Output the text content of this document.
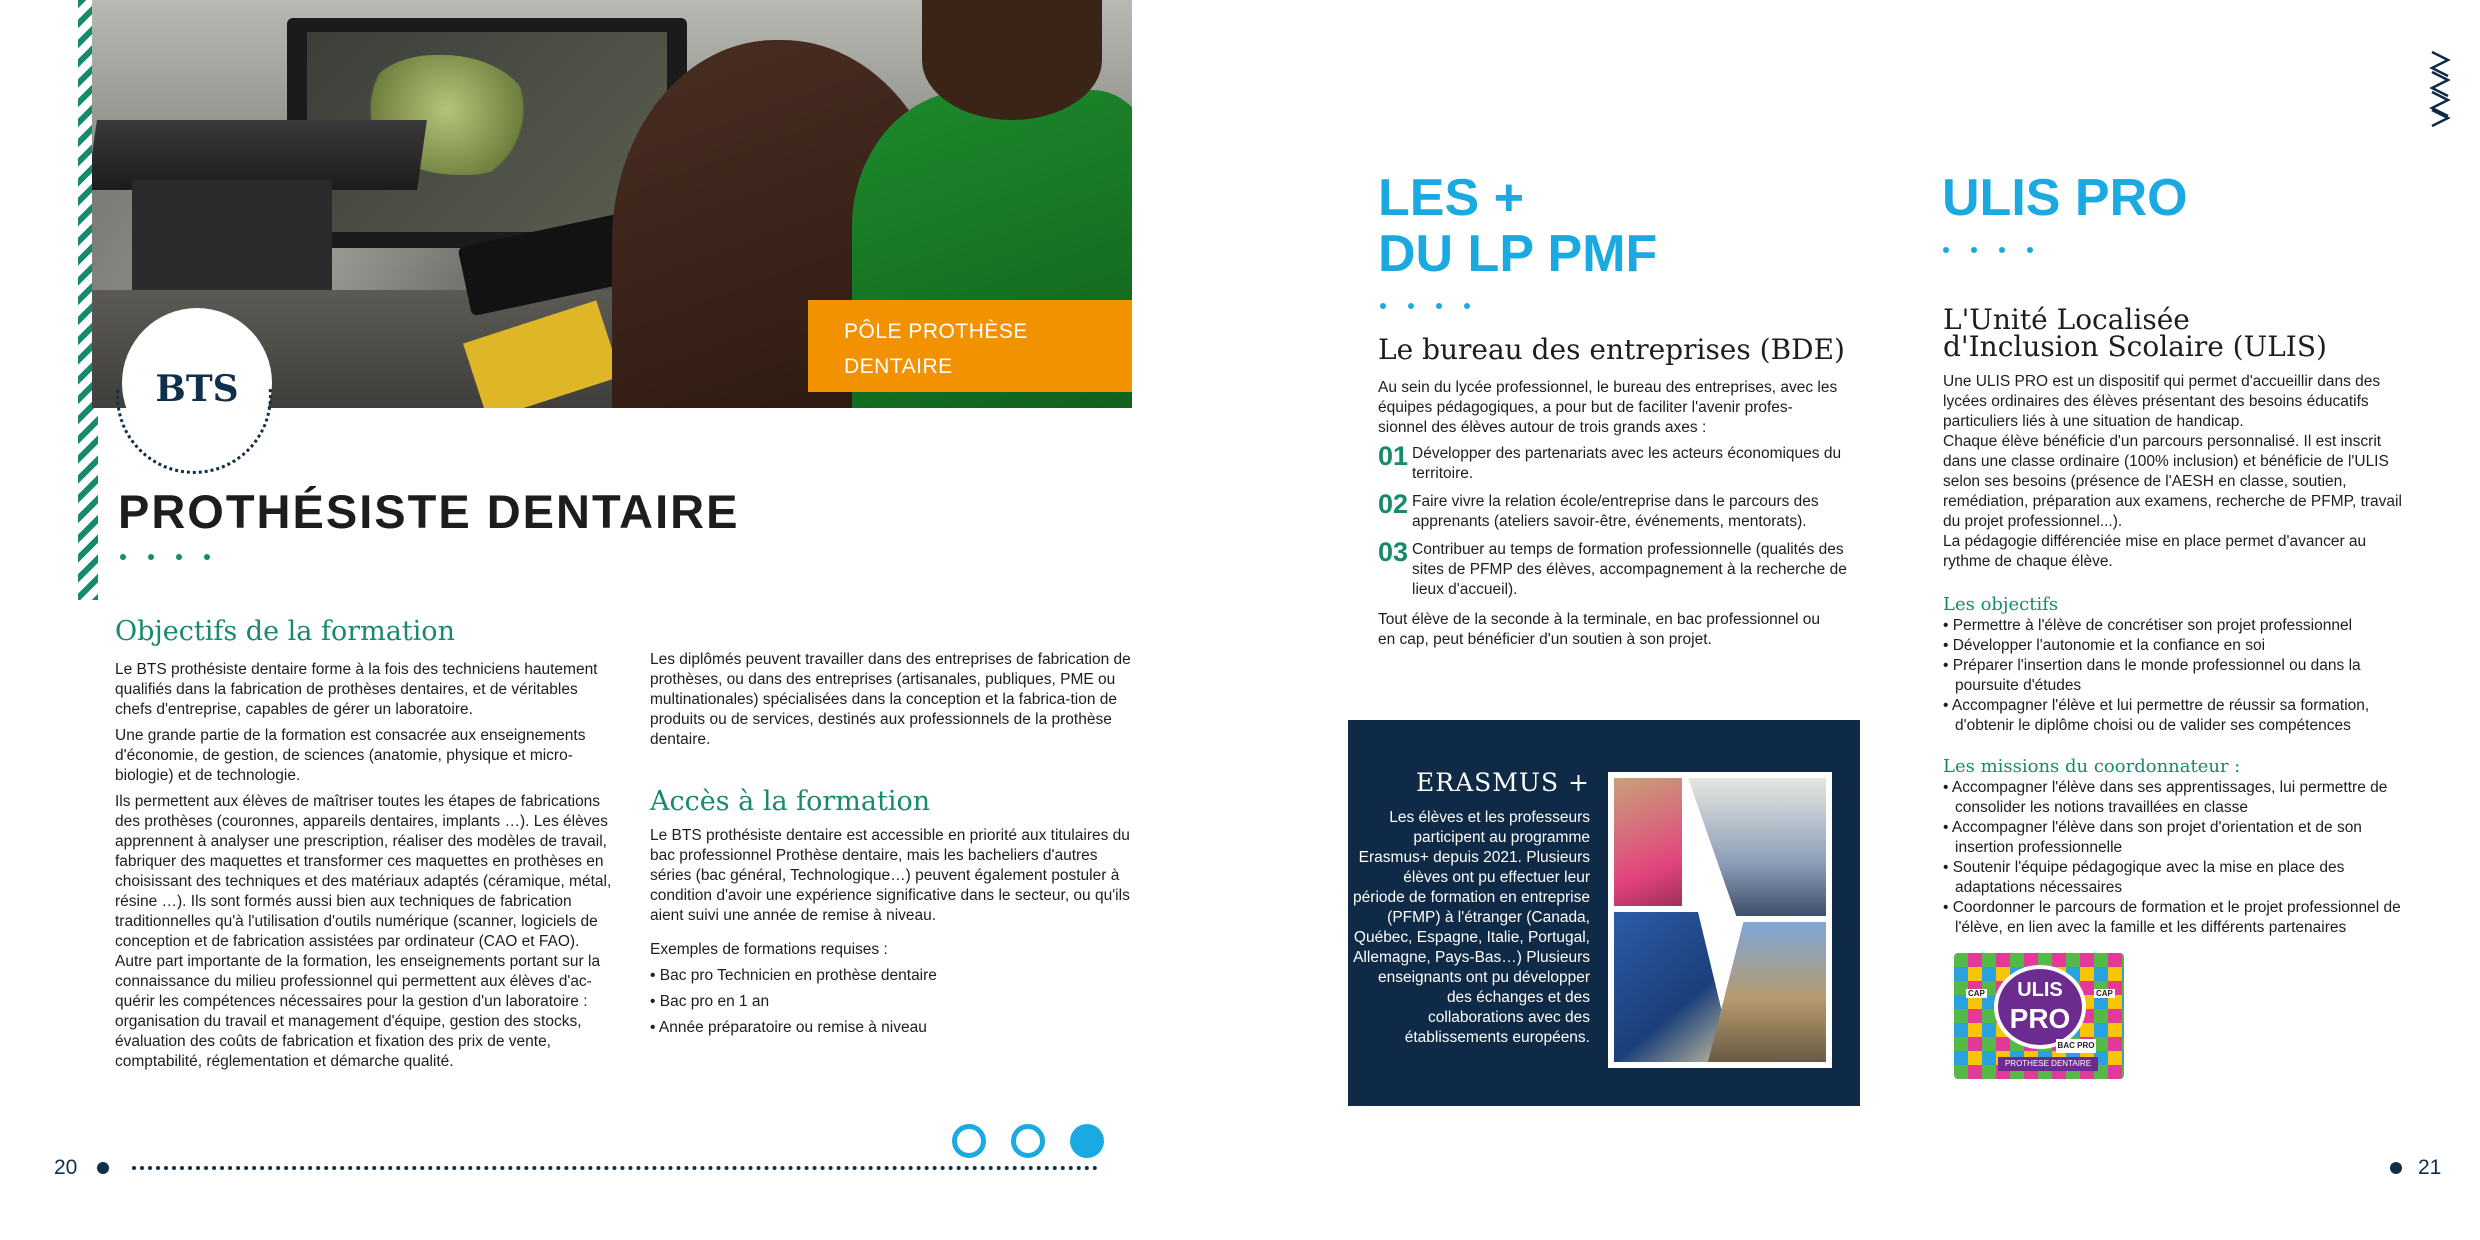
PÔLE PROTHÈSE
DENTAIRE
BTS
PROTHÉSISTE DENTAIRE
Objectifs de la formation

Le BTS prothésiste dentaire forme à la fois des techniciens hautement qualifiés dans la fabrication de prothèses dentaires, et de véritables chefs d'entreprise, capables de gérer un laboratoire.

Une grande partie de la formation est consacrée aux enseignements d'économie, de gestion, de sciences (anatomie, physique et micro-biologie) et de technologie.

Ils permettent aux élèves de maîtriser toutes les étapes de fabrications des prothèses (couronnes, appareils dentaires, implants …). Les élèves apprennent à analyser une prescription, réaliser des modèles de travail, fabriquer des maquettes et transformer ces maquettes en prothèses en choisissant des techniques et des matériaux adaptés (céramique, métal, résine …). Ils sont formés aussi bien aux techniques de fabrication traditionnelles qu'à l'utilisation d'outils numérique (scanner, logiciels de conception et de fabrication assistées par ordinateur (CAO et FAO).

Autre part importante de la formation, les enseignements portant sur la connaissance du milieu professionnel qui permettent aux élèves d'ac-quérir les compétences nécessaires pour la gestion d'un laboratoire : organisation du travail et management d'équipe, gestion des stocks, évaluation des coûts de fabrication et fixation des prix de vente, comptabilité, réglementation et démarche qualité.

Les diplômés peuvent travailler dans des entreprises de fabrication de prothèses, ou dans des entreprises (artisanales, publiques, PME ou multinationales) spécialisées dans la conception et la fabrica-tion de produits ou de services, destinés aux professionnels de la prothèse dentaire.
Accès à la formation
Le BTS prothésiste dentaire est accessible en priorité aux titulaires du bac professionnel Prothèse dentaire, mais les bacheliers d'autres séries (bac général, Technologique…) peuvent également postuler à condition d'avoir une expérience significative dans le secteur, ou qu'ils aient suivi une année de remise à niveau.
Exemples de formations requises :
• Bac pro Technicien en prothèse dentaire
• Bac pro en 1 an
• Année préparatoire ou remise à niveau
20
LES +
DU LP PMF
Le bureau des entreprises (BDE)
Au sein du lycée professionnel, le bureau des entreprises, avec les équipes pédagogiques, a pour but de faciliter l'avenir profes-sionnel des élèves autour de trois grands axes :
01 Développer des partenariats avec les acteurs économiques du territoire.
02 Faire vivre la relation école/entreprise dans le parcours des apprenants (ateliers savoir-être, événements, mentorats).
03 Contribuer au temps de formation professionnelle (qualités des sites de PFMP des élèves, accompagnement à la recherche de lieux d'accueil).
Tout élève de la seconde à la terminale, en bac professionnel ou en cap, peut bénéficier d'un soutien à son projet.
ERASMUS +
Les élèves et les professeurs participent au programme Erasmus+ depuis 2021. Plusieurs élèves ont pu effectuer leur période de formation en entreprise (PFMP) à l'étranger (Canada, Québec, Espagne, Italie, Portugal, Allemagne, Pays-Bas…) Plusieurs enseignants ont pu développer des échanges et des collaborations avec des établissements européens.
ULIS PRO
L'Unité Localisée
d'Inclusion Scolaire (ULIS)
Une ULIS PRO est un dispositif qui permet d'accueillir dans des lycées ordinaires des élèves présentant des besoins éducatifs particuliers liés à une situation de handicap.
Chaque élève bénéficie d'un parcours personnalisé. Il est inscrit dans une classe ordinaire (100% inclusion) et bénéficie de l'ULIS selon ses besoins (présence de l'AESH en classe, soutien, remédiation, préparation aux examens, recherche de PFMP, travail du projet professionnel...).
La pédagogie différenciée mise en place permet d'avancer au rythme de chaque élève.
Les objectifs
• Permettre à l'élève de concrétiser son projet professionnel
• Développer l'autonomie et la confiance en soi
• Préparer l'insertion dans le monde professionnel ou dans la poursuite d'études
• Accompagner l'élève et lui permettre de réussir sa formation, d'obtenir le diplôme choisi ou de valider ses compétences
Les missions du coordonnateur :
• Accompagner l'élève dans ses apprentissages, lui permettre de consolider les notions travaillées en classe
• Accompagner l'élève dans son projet d'orientation et de son insertion professionnelle
• Soutenir l'équipe pédagogique avec la mise en place des adaptations nécessaires
• Coordonner le parcours de formation et le projet professionnel de l'élève, en lien avec la famille et les différents partenaires
ULIS
PRO
CAP	CAP
BAC PRO
PROTHESE DENTAIRE
21
